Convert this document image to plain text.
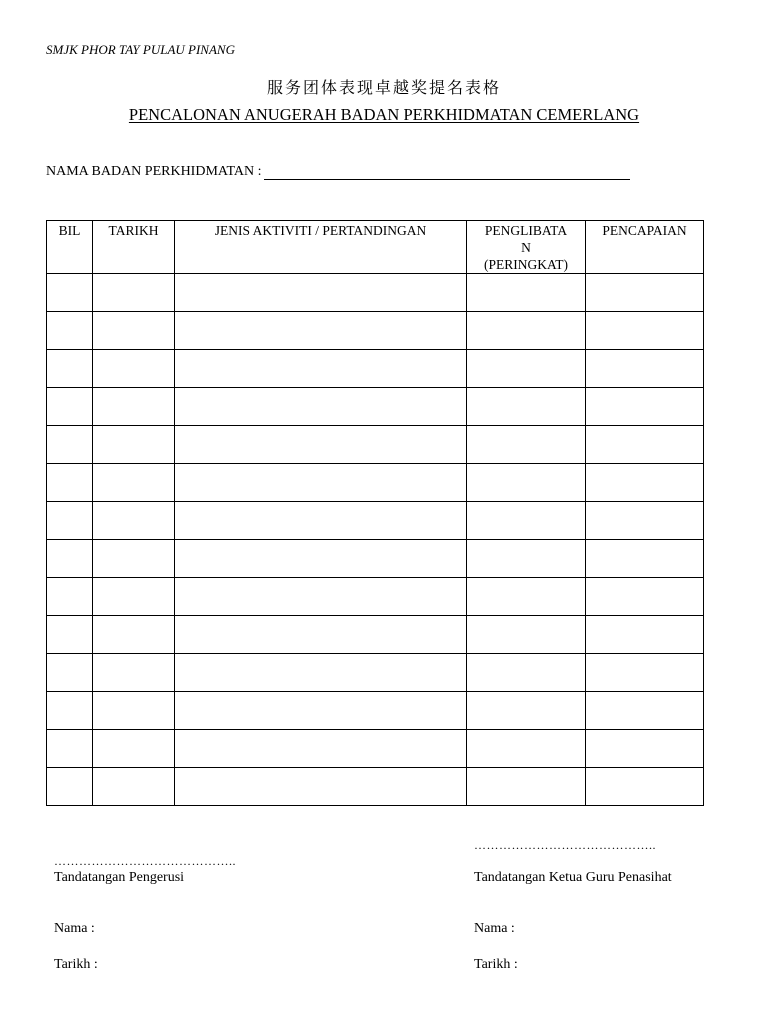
SMJK PHOR TAY PULAU PINANG
服务团体表现卓越奖提名表格
PENCALONAN ANUGERAH BADAN PERKHIDMATAN CEMERLANG
NAMA BADAN PERKHIDMATAN :
BIL	TARIKH	JENIS AKTIVITI / PERTANDINGAN	PENGLIBATA
N
(PERINGKAT)	PENCAPAIAN

……………………………………..
Tandatangan Pengerusi
Nama :
Tarikh :
……………………………………..
Tandatangan Ketua Guru Penasihat
Nama :
Tarikh :
